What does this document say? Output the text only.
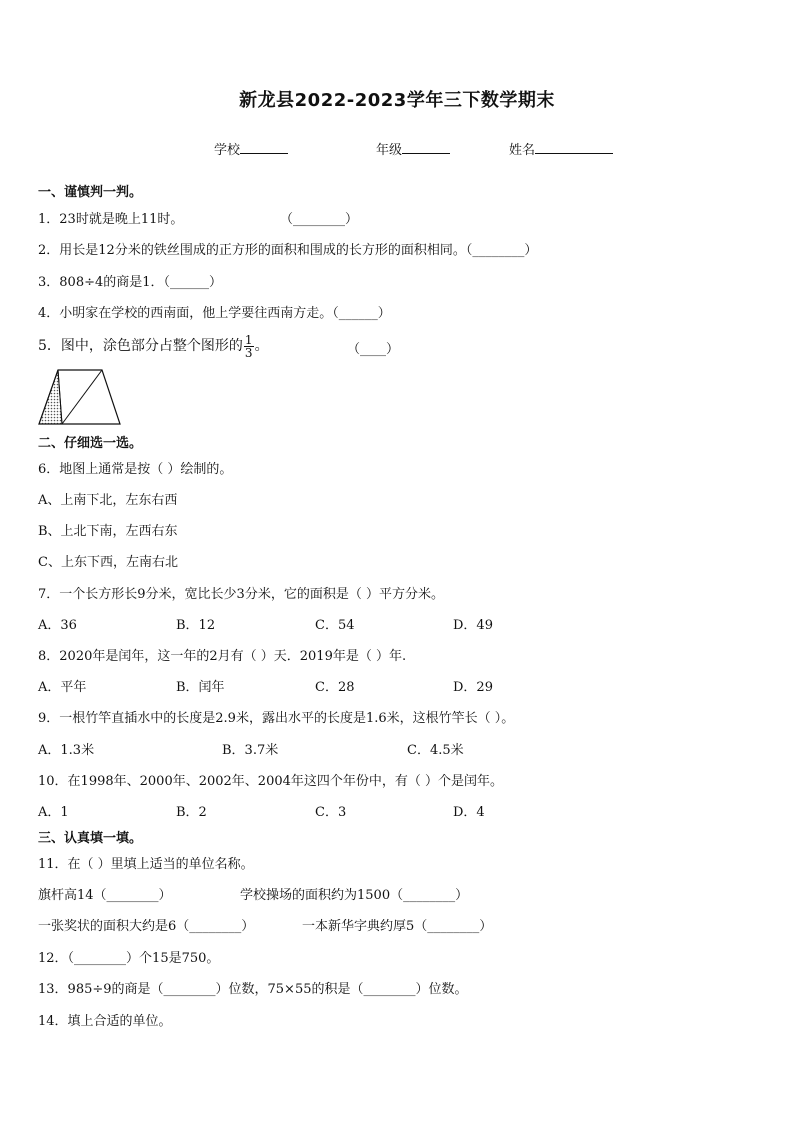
新龙县2022-2023学年三下数学期末
学校	年级	姓名
一、谨慎判一判。
1．23时就是晚上11时。	（________）
2．用长是12分米的铁丝围成的正方形的面积和围成的长方形的面积相同。（________）
3．808÷4的商是1．（______）
4．小明家在学校的西南面，他上学要往西南方走。（______）
5．图中，涂色部分占整个图形的 $\frac{1}{3}$ 。	（____）
二、仔细选一选。
6．地图上通常是按（ ）绘制的。
A、上南下北，左东右西
B、上北下南，左西右东
C、上东下西，左南右北
7．一个长方形长9分米，宽比长少3分米，它的面积是（ ）平方分米。
A．36	B．12	C．54	D．49
8．2020年是闰年，这一年的2月有（ ）天．2019年是（ ）年.
A．平年	B．闰年	C．28	D．29
9．一根竹竿直插水中的长度是2.9米，露出水平的长度是1.6米，这根竹竿长（ ）。
A．1.3米	B．3.7米	C．4.5米
10．在1998年、2000年、2002年、2004年这四个年份中，有（ ）个是闰年。
A．1	B．2	C．3	D．4
三、认真填一填。
11．在（ ）里填上适当的单位名称。
旗杆高14（________）	学校操场的面积约为1500（________）
一张奖状的面积大约是6（________）	一本新华字典约厚5（________）
12．（________）个15是750。
13．985÷9的商是（________）位数，75×55的积是（________）位数。
14．填上合适的单位。
